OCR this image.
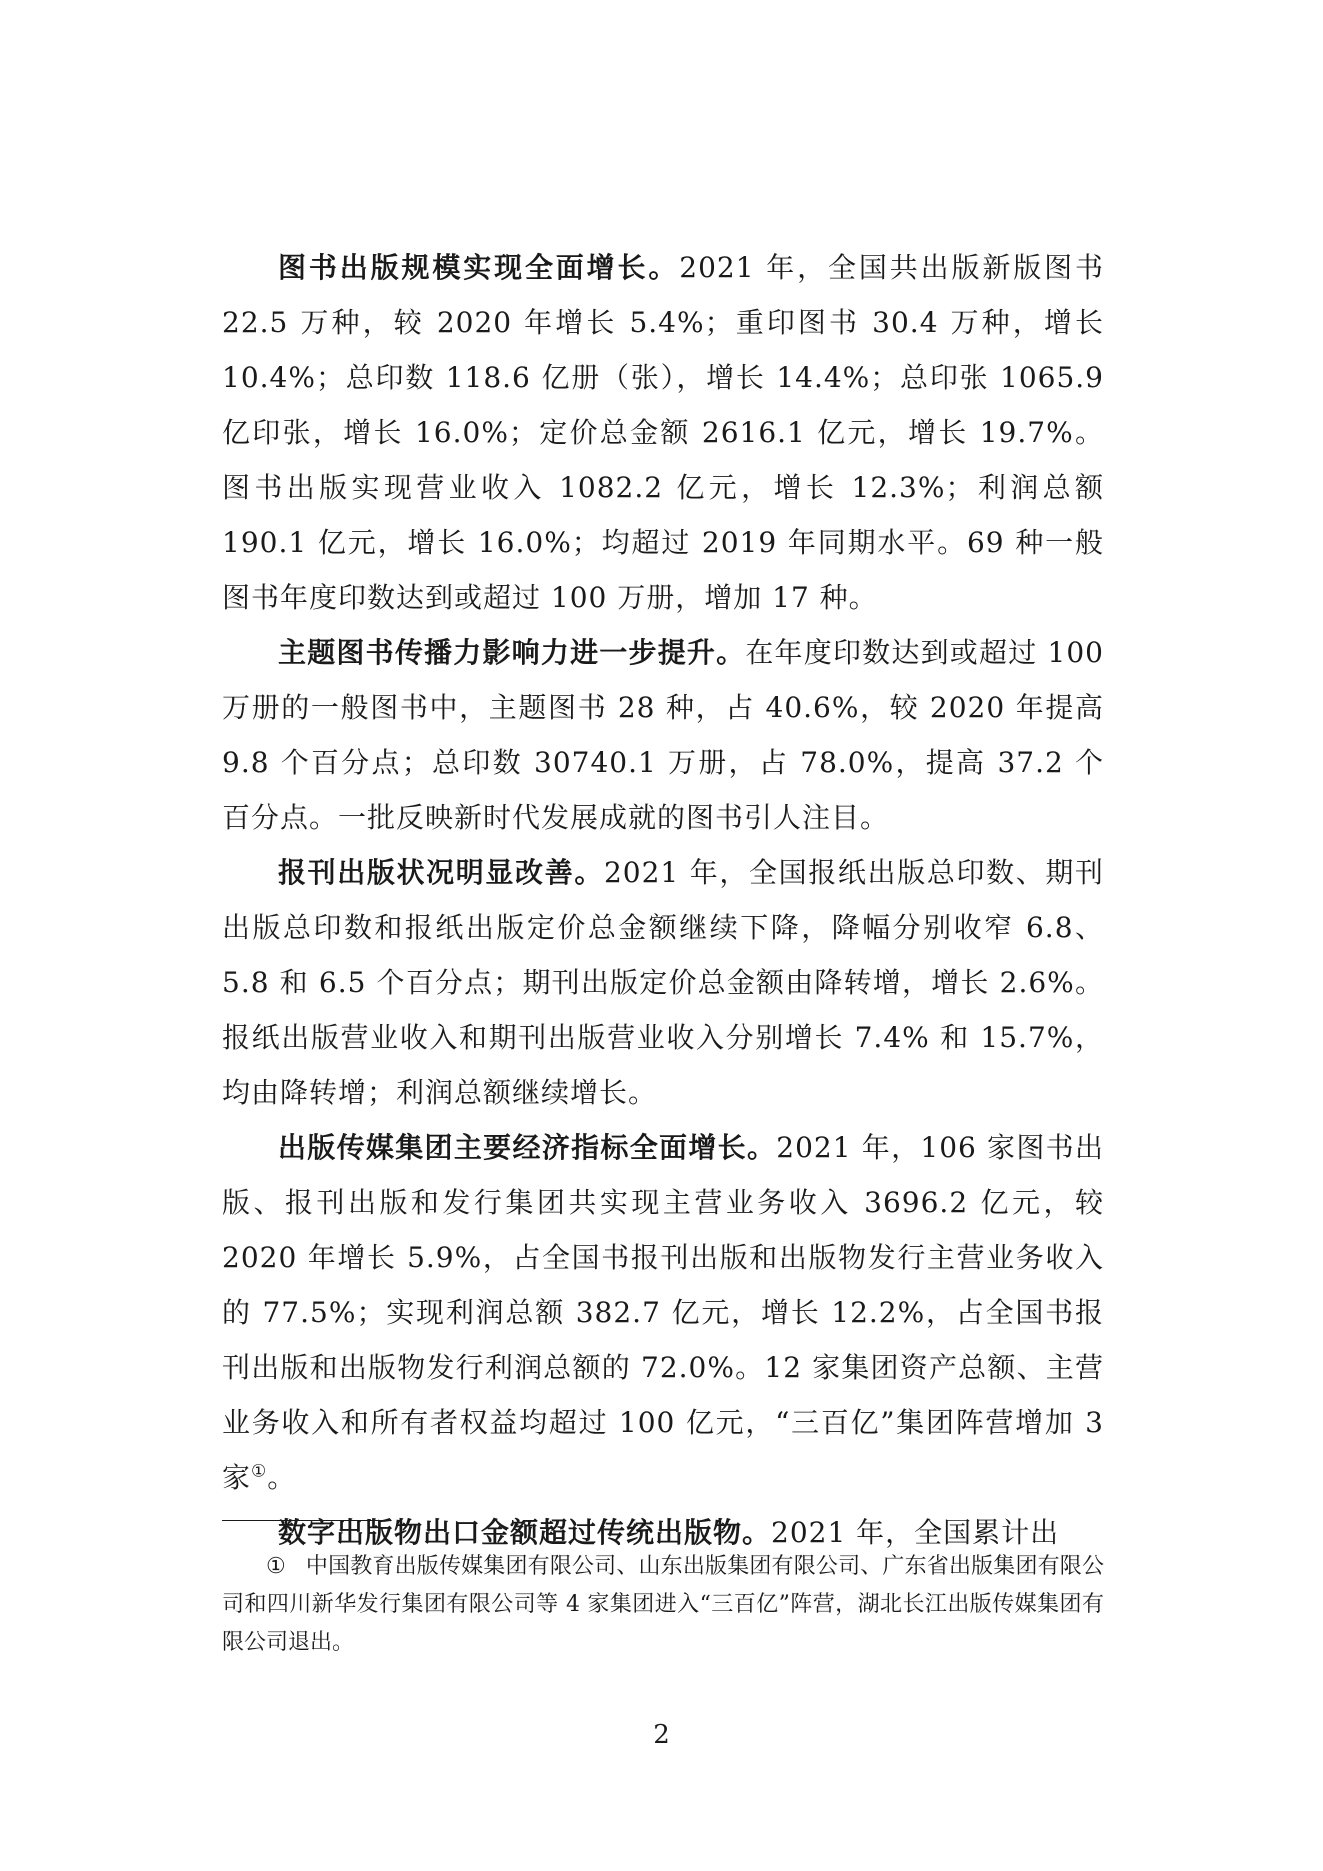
图书出版规模实现全面增长。2021 年，全国共出版新版图书 22.5 万种，较 2020 年增长 5.4%；重印图书 30.4 万种，增长 10.4%；总印数 118.6 亿册（张），增长 14.4%；总印张 1065.9 亿印张，增长 16.0%；定价总金额 2616.1 亿元，增长 19.7%。图书出版实现营业收入 1082.2 亿元，增长 12.3%；利润总额 190.1 亿元，增长 16.0%；均超过 2019 年同期水平。69 种一般图书年度印数达到或超过 100 万册，增加 17 种。

主题图书传播力影响力进一步提升。在年度印数达到或超过 100 万册的一般图书中，主题图书 28 种，占 40.6%，较 2020 年提高 9.8 个百分点；总印数 30740.1 万册，占 78.0%，提高 37.2 个百分点。一批反映新时代发展成就的图书引人注目。

报刊出版状况明显改善。2021 年，全国报纸出版总印数、期刊出版总印数和报纸出版定价总金额继续下降，降幅分别收窄 6.8、5.8 和 6.5 个百分点；期刊出版定价总金额由降转增，增长 2.6%。报纸出版营业收入和期刊出版营业收入分别增长 7.4% 和 15.7%，均由降转增；利润总额继续增长。

出版传媒集团主要经济指标全面增长。2021 年，106 家图书出版、报刊出版和发行集团共实现主营业务收入 3696.2 亿元，较 2020 年增长 5.9%，占全国书报刊出版和出版物发行主营业务收入的 77.5%；实现利润总额 382.7 亿元，增长 12.2%，占全国书报刊出版和出版物发行利润总额的 72.0%。12 家集团资产总额、主营业务收入和所有者权益均超过 100 亿元，“三百亿”集团阵营增加 3 家①。

数字出版物出口金额超过传统出版物。2021 年，全国累计出

① 中国教育出版传媒集团有限公司、山东出版集团有限公司、广东省出版集团有限公司和四川新华发行集团有限公司等 4 家集团进入“三百亿”阵营，湖北长江出版传媒集团有限公司退出。

2
